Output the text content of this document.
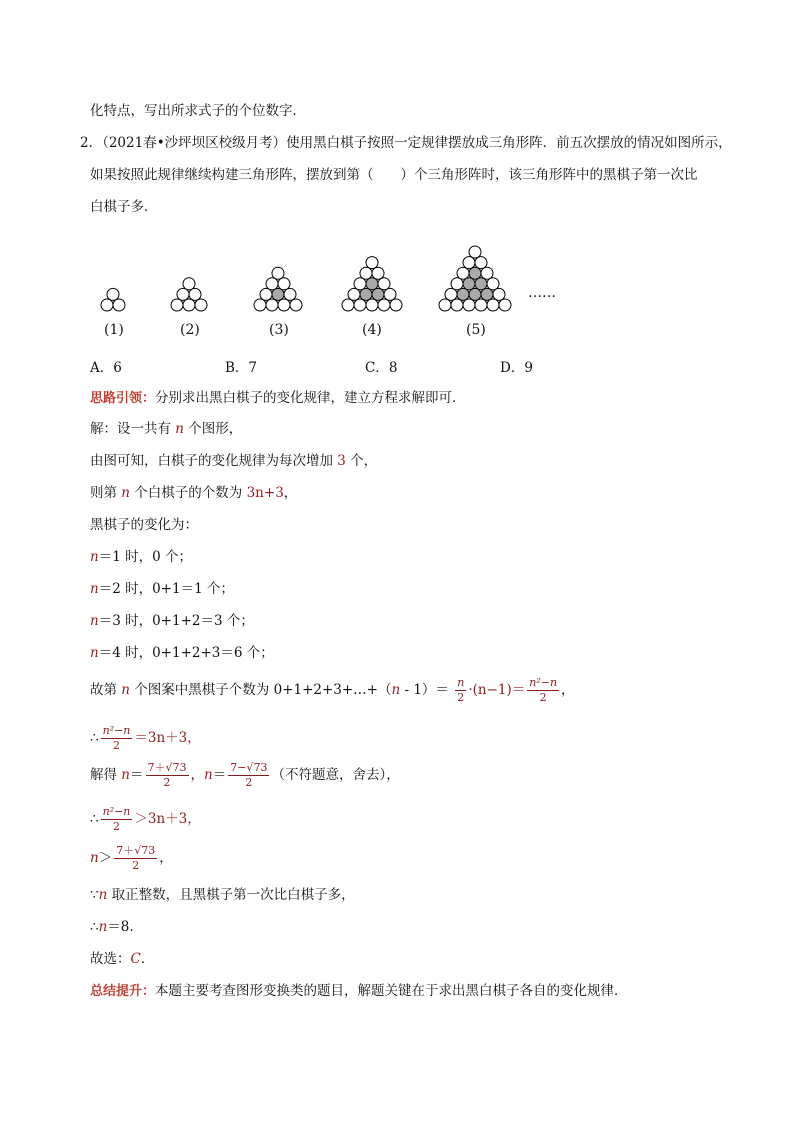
化特点，写出所求式子的个位数字．
2．（2021春•沙坪坝区校级月考）使用黑白棋子按照一定规律摆放成三角形阵．前五次摆放的情况如图所示，
如果按照此规律继续构建三角形阵，摆放到第（　　）个三角形阵时，该三角形阵中的黑棋子第一次比
白棋子多．
(1)	(2)	(3)	(4)	(5)
……
A．6	B．7	C．8	D．9
思路引领：分别求出黑白棋子的变化规律，建立方程求解即可．
解：设一共有 n 个图形，
由图可知，白棋子的变化规律为每次增加 3 个，
则第 n 个白棋子的个数为 3n+3，
黑棋子的变化为：
n＝1 时，0 个；
n＝2 时，0+1＝1 个；
n＝3 时，0+1+2＝3 个；
n＝4 时，0+1+2+3＝6 个；
故第 n 个图案中黑棋子个数为 0+1+2+3+…+（n - $1)= \frac{n}{2} \cdot(n-1)= \frac{\text{n²−n}}{2}$ ，
∴ $\frac{\text{n²−n}}{2} =3n+3$，
解得 $n= \frac{7+√73}{2}$ ，$n= \frac{7-√73}{2}$ （不符题意，舍去），
∴ $\frac{\text{n²−n}}{2} >3n+3$，
$n> \frac{7+√73}{2}$ ，
∵n 取正整数，且黑棋子第一次比白棋子多，
∴n＝8．
故选：C．
总结提升：本题主要考查图形变换类的题目，解题关键在于求出黑白棋子各自的变化规律．
